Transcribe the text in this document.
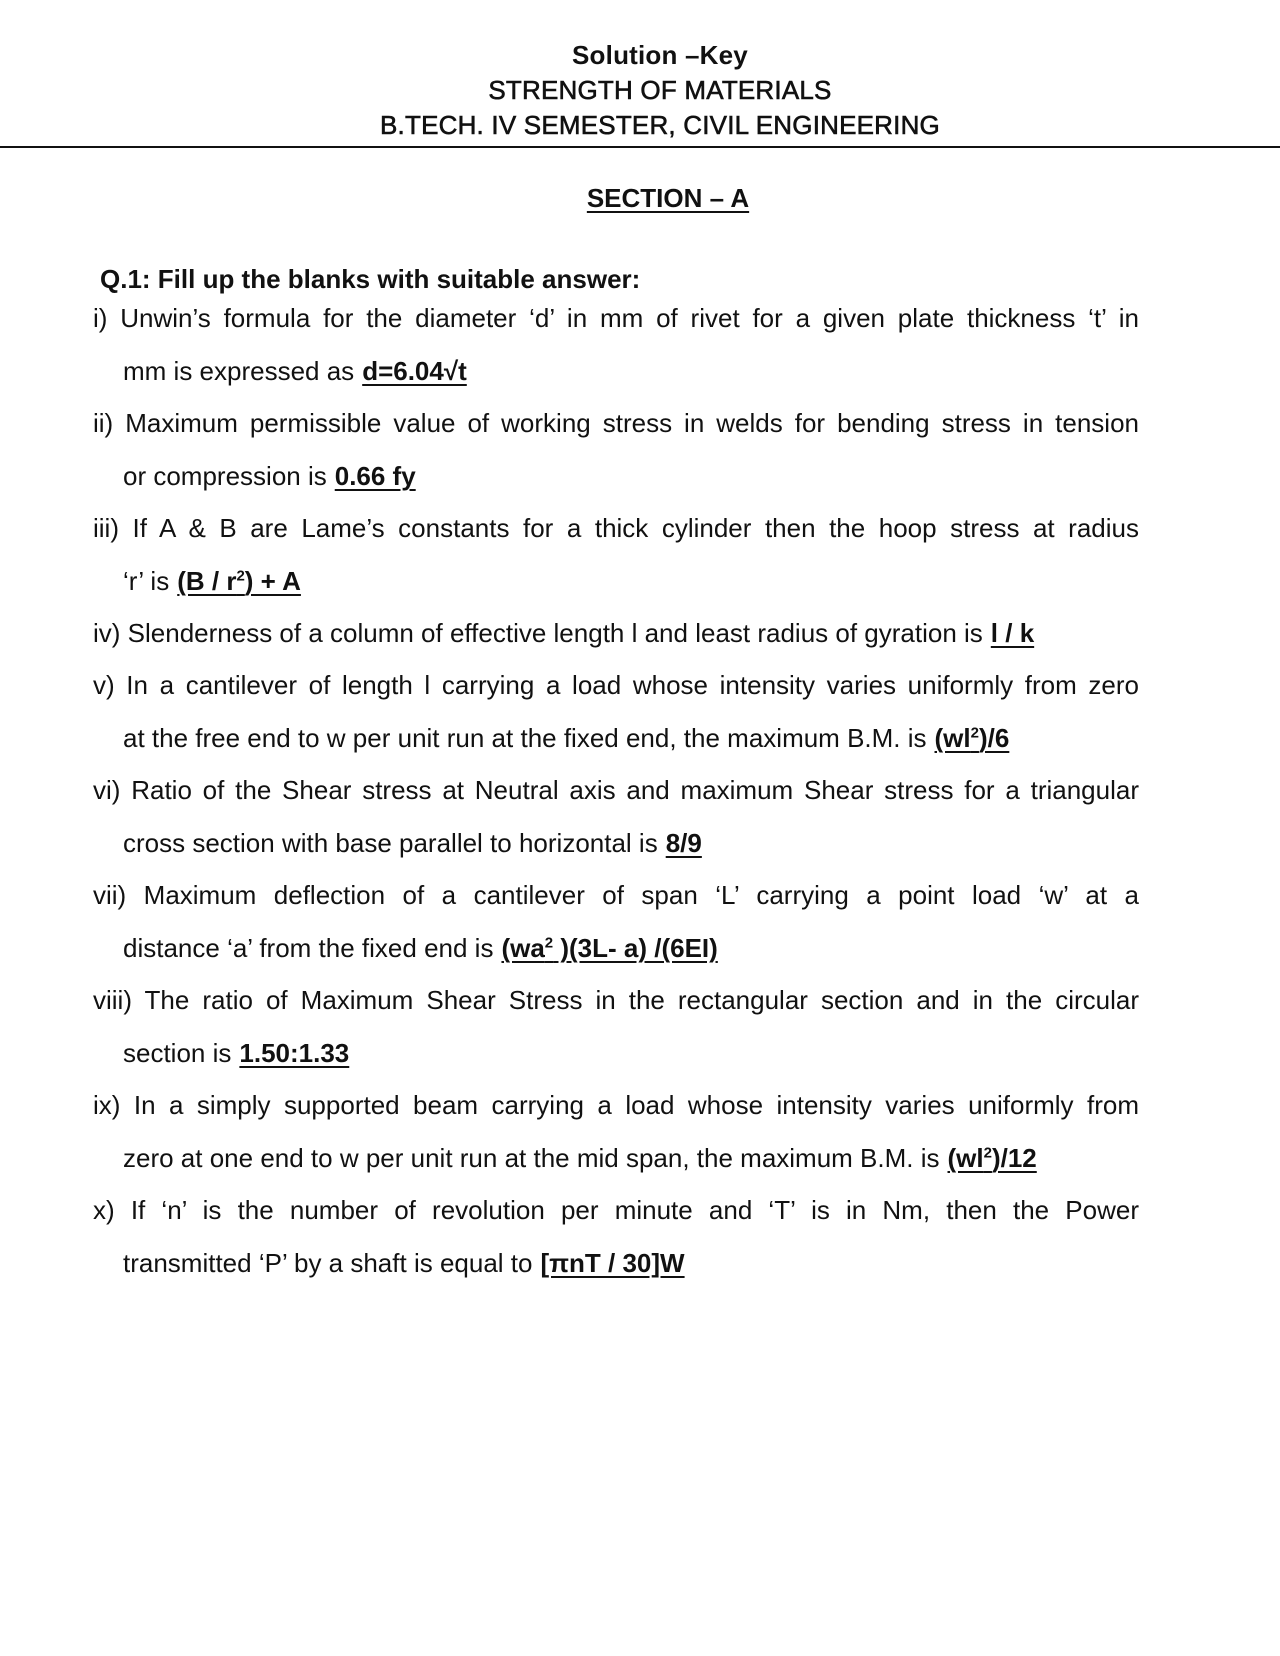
Solution –Key
STRENGTH OF MATERIALS
B.TECH. IV SEMESTER, CIVIL ENGINEERING
SECTION – A
Q.1: Fill up the blanks with suitable answer:
i) Unwin’s formula for the diameter ‘d’ in mm of rivet for a given plate thickness ‘t’ in
mm is expressed as d=6.04√t
ii) Maximum permissible value of working stress in welds for bending stress in tension
or compression is 0.66 fy
iii) If A & B are Lame’s constants for a thick cylinder then the hoop stress at radius
‘r’ is $(B / r^2) + A$
iv) Slenderness of a column of effective length l and least radius of gyration is l / k
v) In a cantilever of length l carrying a load whose intensity varies uniformly from zero
at the free end to w per unit run at the fixed end, the maximum B.M. is $(wl^2)/6$
vi) Ratio of the Shear stress at Neutral axis and maximum Shear stress for a triangular
cross section with base parallel to horizontal is 8/9
vii) Maximum deflection of a cantilever of span ‘L’ carrying a point load ‘w’ at a
distance ‘a’ from the fixed end is ($wa^2$ )(3L- a) /(6EI)
viii) The ratio of Maximum Shear Stress in the rectangular section and in the circular
section is 1.50:1.33
ix) In a simply supported beam carrying a load whose intensity varies uniformly from
zero at one end to w per unit run at the mid span, the maximum B.M. is $(wl^2)/12$
x) If ‘n’ is the number of revolution per minute and ‘T’ is in Nm, then the Power
transmitted ‘P’ by a shaft is equal to [πnT / 30]W
